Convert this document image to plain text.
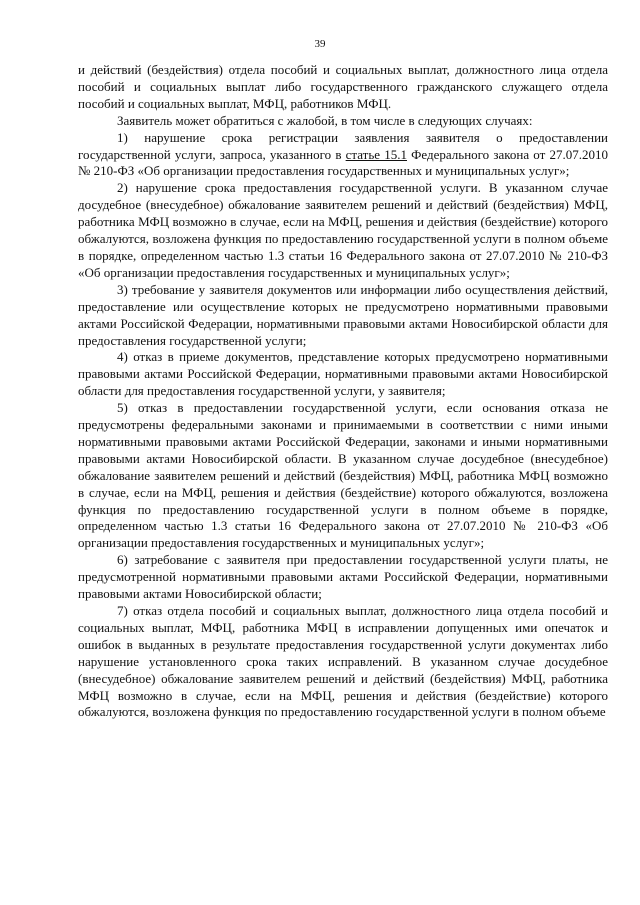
39

и действий (бездействия) отдела пособий и социальных выплат, должностного лица отдела пособий и социальных выплат либо государственного гражданского служащего отдела пособий и социальных выплат, МФЦ, работников МФЦ.

Заявитель может обратиться с жалобой, в том числе в следующих случаях:

1) нарушение срока регистрации заявления заявителя о предоставлении государственной услуги, запроса, указанного в статье 15.1 Федерального закона от 27.07.2010 № 210-ФЗ «Об организации предоставления государственных и муниципальных услуг»;

2) нарушение срока предоставления государственной услуги. В указанном случае досудебное (внесудебное) обжалование заявителем решений и действий (бездействия) МФЦ, работника МФЦ возможно в случае, если на МФЦ, решения и действия (бездействие) которого обжалуются, возложена функция по предоставлению государственной услуги в полном объеме в порядке, определенном частью 1.3 статьи 16 Федерального закона от 27.07.2010 № 210-ФЗ «Об организации предоставления государственных и муниципальных услуг»;

3) требование у заявителя документов или информации либо осуществления действий, предоставление или осуществление которых не предусмотрено нормативными правовыми актами Российской Федерации, нормативными правовыми актами Новосибирской области для предоставления государственной услуги;

4) отказ в приеме документов, представление которых предусмотрено нормативными правовыми актами Российской Федерации, нормативными правовыми актами Новосибирской области для предоставления государственной услуги, у заявителя;

5) отказ в предоставлении государственной услуги, если основания отказа не предусмотрены федеральными законами и принимаемыми в соответствии с ними иными нормативными правовыми актами Российской Федерации, законами и иными нормативными правовыми актами Новосибирской области. В указанном случае досудебное (внесудебное) обжалование заявителем решений и действий (бездействия) МФЦ, работника МФЦ возможно в случае, если на МФЦ, решения и действия (бездействие) которого обжалуются, возложена функция по предоставлению государственной услуги в полном объеме в порядке, определенном частью 1.3 статьи 16 Федерального закона от 27.07.2010 № 210-ФЗ «Об организации предоставления государственных и муниципальных услуг»;

6) затребование с заявителя при предоставлении государственной услуги платы, не предусмотренной нормативными правовыми актами Российской Федерации, нормативными правовыми актами Новосибирской области;

7) отказ отдела пособий и социальных выплат, должностного лица отдела пособий и социальных выплат, МФЦ, работника МФЦ в исправлении допущенных ими опечаток и ошибок в выданных в результате предоставления государственной услуги документах либо нарушение установленного срока таких исправлений. В указанном случае досудебное (внесудебное) обжалование заявителем решений и действий (бездействия) МФЦ, работника МФЦ возможно в случае, если на МФЦ, решения и действия (бездействие) которого обжалуются, возложена функция по предоставлению государственной услуги в полном объеме
